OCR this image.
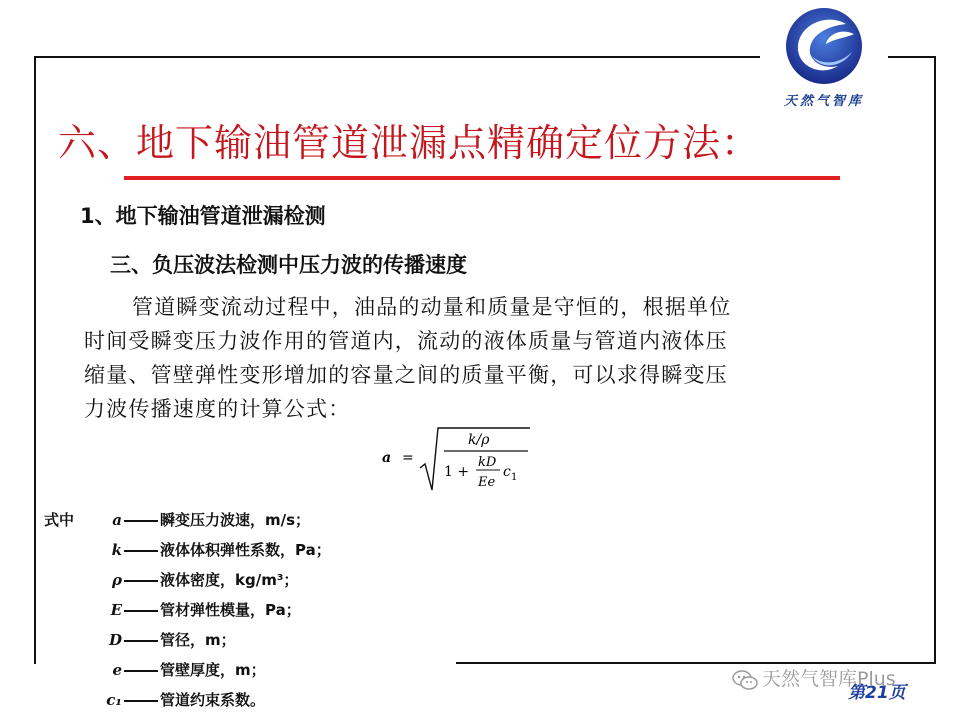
天然气智库
六、地下输油管道泄漏点精确定位方法：
1、地下输油管道泄漏检测
三、负压波法检测中压力波的传播速度
管道瞬变流动过程中，油品的动量和质量是守恒的，根据单位
时间受瞬变压力波作用的管道内，流动的液体质量与管道内液体压
缩量、管壁弹性变形增加的容量之间的质量平衡，可以求得瞬变压
力波传播速度的计算公式：
a =
k/ρ
1 +
kD
Ee
c 1
式中	a	瞬变压力波速，m/s；
k	液体体积弹性系数，Pa；
ρ	液体密度，kg/m³；
E	管材弹性模量，Pa；
D	管径，m；
e	管壁厚度，m；
c₁	管道约束系数。
天然气智库Plus
第21页
